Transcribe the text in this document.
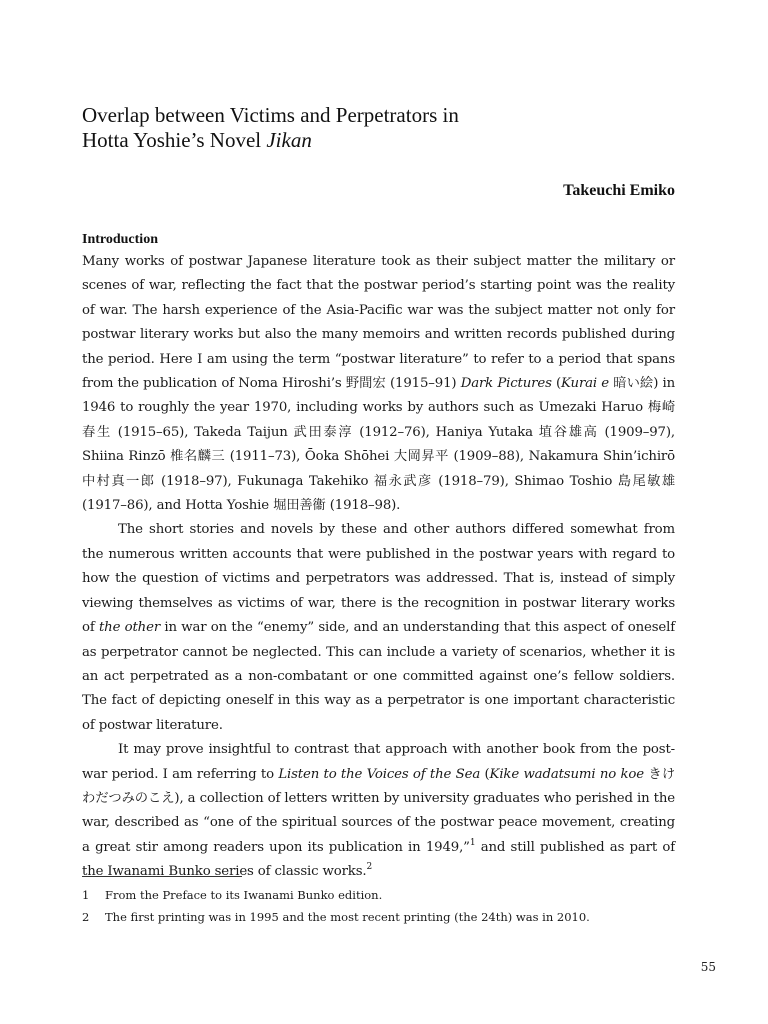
Overlap between Victims and Perpetrators in
Hotta Yoshie’s Novel Jikan
Takeuchi Emiko
Introduction

Many works of postwar Japanese literature took as their subject matter the military or scenes of war, reflecting the fact that the postwar period’s starting point was the reality of war. The harsh experience of the Asia-Pacific war was the subject matter not only for postwar literary works but also the many memoirs and written records published during the period. Here I am using the term “postwar literature” to refer to a period that spans from the publication of Noma Hiroshi’s 野間宏 (1915–91) Dark Pictures (Kurai e 暗い絵) in 1946 to roughly the year 1970, including works by authors such as Umezaki Haruo 梅崎春生 (1915–65), Takeda Taijun 武田泰淳 (1912–76), Haniya Yutaka 埴谷雄高 (1909–97), Shiina Rinzō 椎名麟三 (1911–73), Ōoka Shōhei 大岡昇平 (1909–88), Nakamura Shin’ichirō 中村真一郎 (1918–97), Fukunaga Takehiko 福永武彦 (1918–79), Shimao Toshio 島尾敏雄 (1917–86), and Hotta Yoshie 堀田善衞 (1918–98).

The short stories and novels by these and other authors differed somewhat from the numerous written accounts that were published in the postwar years with regard to how the question of victims and perpetrators was addressed. That is, instead of simply viewing themselves as victims of war, there is the recognition in postwar literary works of the other in war on the “enemy” side, and an understanding that this aspect of oneself as perpetrator cannot be neglected. This can include a variety of scenarios, whether it is an act perpetrated as a non-combatant or one committed against one’s fellow soldiers. The fact of depicting oneself in this way as a perpetrator is one important characteristic of postwar literature.

It may prove insightful to contrast that approach with another book from the post-war period. I am referring to Listen to the Voices of the Sea (Kike wadatsumi no koe きけわだつみのこえ), a collection of letters written by university graduates who perished in the war, described as “one of the spiritual sources of the postwar peace movement, creating a great stir among readers upon its publication in 1949,”$^1$ and still published as part of the Iwanami Bunko series of classic works.$^2$

1	From the Preface to its Iwanami Bunko edition.
2	The first printing was in 1995 and the most recent printing (the 24th) was in 2010.
55
